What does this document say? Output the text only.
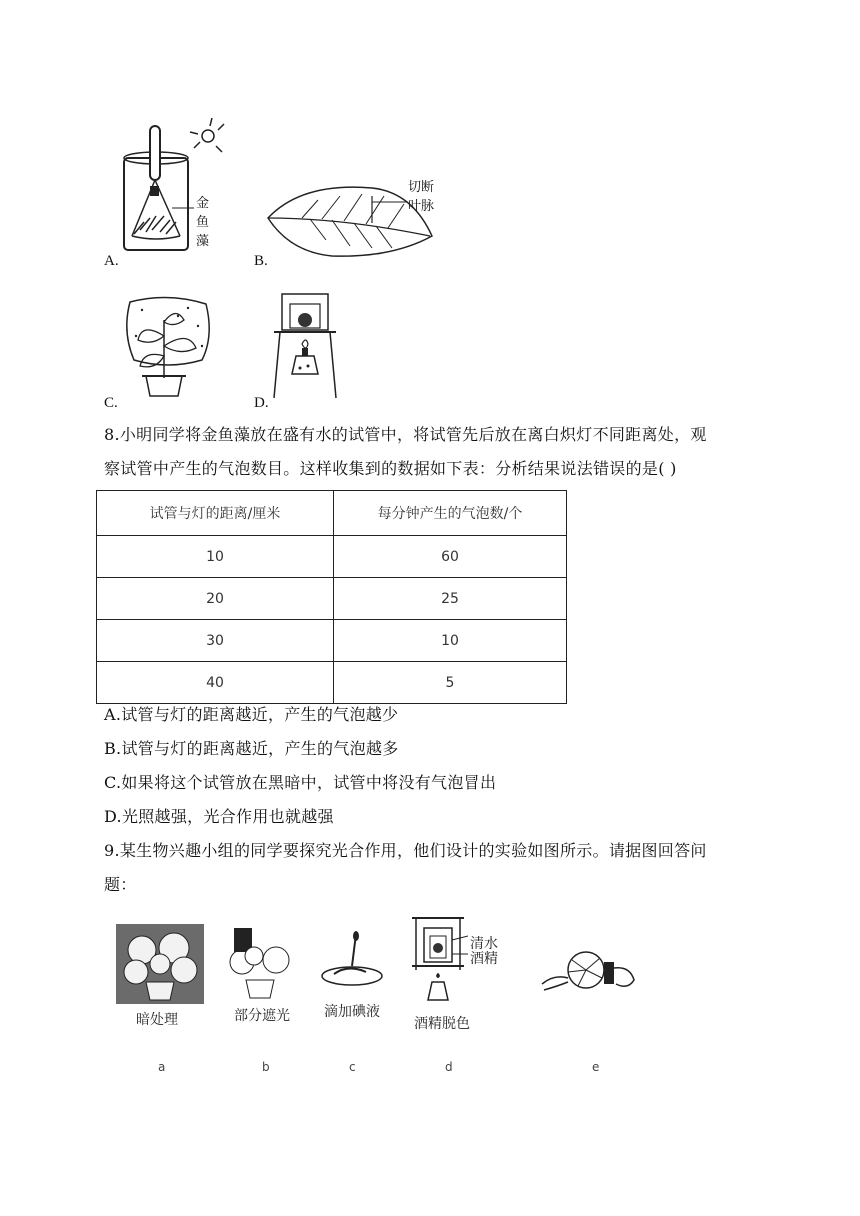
金
鱼
藻
A.
切断
叶脉
B.
C.	D.
8.小明同学将金鱼藻放在盛有水的试管中，将试管先后放在离白炽灯不同距离处，观
察试管中产生的气泡数目。这样收集到的数据如下表：分析结果说法错误的是( )
试管与灯的距离/厘米	每分钟产生的气泡数/个
10	60
20	25
30	10
40	5
A.试管与灯的距离越近，产生的气泡越少
B.试管与灯的距离越近，产生的气泡越多
C.如果将这个试管放在黑暗中，试管中将没有气泡冒出
D.光照越强，光合作用也就越强
9.某生物兴趣小组的同学要探究光合作用，他们设计的实验如图所示。请据图回答问
题：
清水
酒精
暗处理	部分遮光 滴加碘液
酒精脱色
a	b	c	d	e
